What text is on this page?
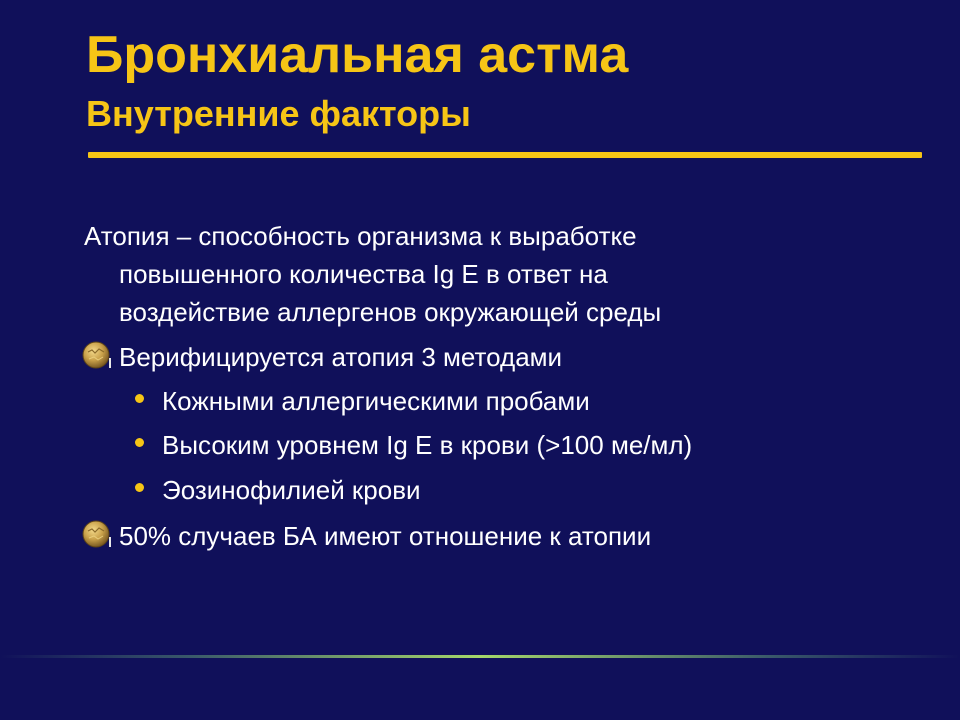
Бронхиальная астма
Внутренние факторы
Атопия – способность организма к выработке
повышенного количества Ig E в ответ на
воздействие аллергенов окружающей среды
Верифицируется атопия 3 методами
Кожными аллергическими пробами
Высоким уровнем Ig E в крови (>100 ме/мл)
Эозинофилией крови
50% случаев БА имеют отношение к атопии
